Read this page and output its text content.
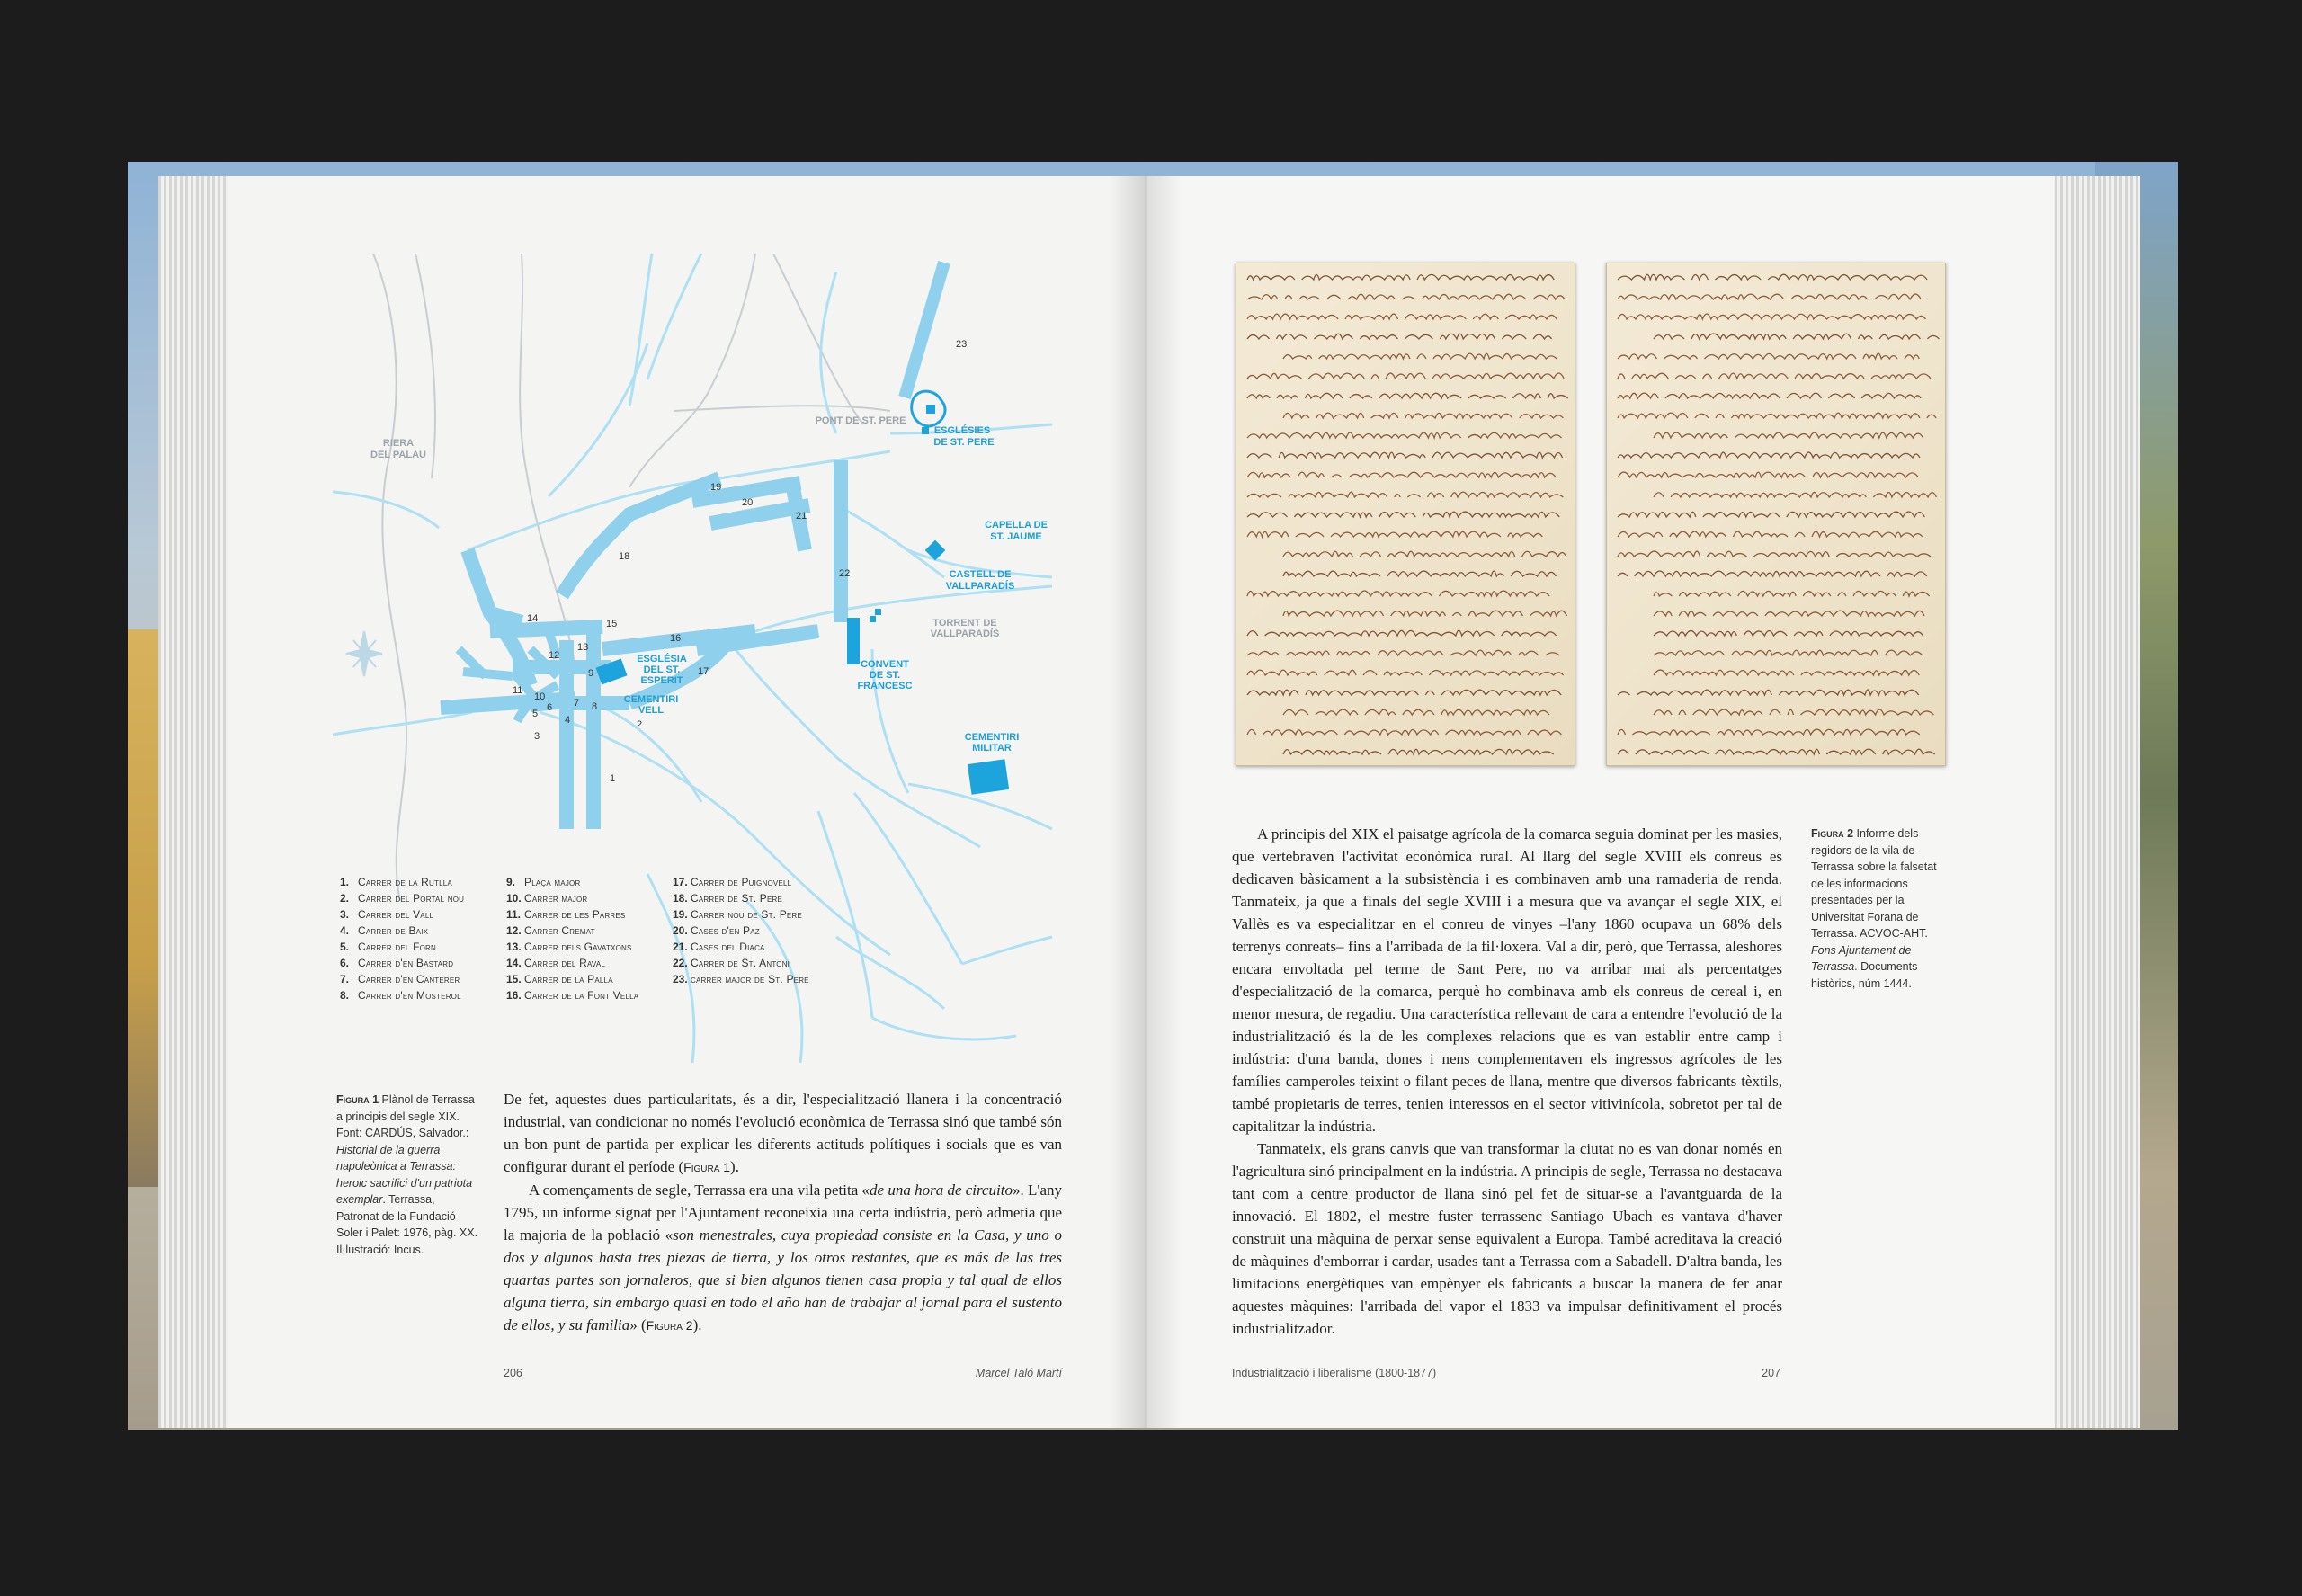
ESGLÉSIES
DE ST. PERE
CAPELLA DE
ST. JAUME
CASTELL DE
VALLPARADÍS
CONVENT
DE ST.
FRANCESC
ESGLÉSIA
DEL ST.
ESPERIT
CEMENTIRI
VELL
CEMENTIRI
MILITAR
RIERA
DEL PALAU
PONT DE ST. PERE
TORRENT DE
VALLPARADÍS
1
2
3
4
5
6 7 8
9
10
11
12
13
14	15
16
17
18
19
20
21
22
23
1. Carrer de la Rutlla
2. Carrer del Portal nou
3. Carrer del Vall
4. Carrer de Baix
5. Carrer del Forn
6. Carrer d'en Bastard
7. Carrer d'en Canterer
8. Carrer d'en Mosterol
9. Plaça major
10. Carrer major
11. Carrer de les Parres
12. Carrer Cremat
13. Carrer dels Gavatxons
14. Carrer del Raval
15. Carrer de la Palla
16. Carrer de la Font Vella
17. Carrer de Puignovell
18. Carrer de St. Pere
19. Carrer nou de St. Pere
20. Cases d'en Paz
21. Cases del Diaca
22. Carrer de St. Antoni
23. carrer major de St. Pere
Figura 1 Plànol de Terrassa a principis del segle XIX. Font: CARDÚS, Salvador.: Historial de la guerra napoleònica a Terrassa: heroic sacrifici d'un patriota exemplar. Terrassa, Patronat de la Fundació Soler i Palet: 1976, pàg. XX. Il·lustració: Incus.

De fet, aquestes dues particularitats, és a dir, l'especialització llanera i la concentració industrial, van condicionar no només l'evolució econòmica de Terrassa sinó que també són un bon punt de partida per explicar les diferents actituds polítiques i socials que es van configurar durant el període (Figura 1).

A començaments de segle, Terrassa era una vila petita «de una hora de circuito». L'any 1795, un informe signat per l'Ajuntament reconeixia una certa indústria, però admetia que la majoria de la població «son menestrales, cuya propiedad consiste en la Casa, y uno o dos y algunos hasta tres piezas de tierra, y los otros restantes, que es más de las tres quartas partes son jornaleros, que si bien algunos tienen casa propia y tal qual de ellos alguna tierra, sin embargo quasi en todo el año han de trabajar al jornal para el sustento de ellos, y su familia» (Figura 2).

206	Marcel Taló Martí
Figura 2 Informe dels regidors de la vila de Terrassa sobre la falsetat de les informacions presentades per la Universitat Forana de Terrassa. ACVOC-AHT. Fons Ajuntament de Terrassa. Documents històrics, núm 1444.

A principis del XIX el paisatge agrícola de la comarca seguia dominat per les masies, que vertebraven l'activitat econòmica rural. Al llarg del segle XVIII els conreus es dedicaven bàsicament a la subsistència i es combinaven amb una ramaderia de renda. Tanmateix, ja que a finals del segle XVIII i a mesura que va avançar el segle XIX, el Vallès es va especialitzar en el conreu de vinyes –l'any 1860 ocupava un 68% dels terrenys conreats– fins a l'arribada de la fil·loxera. Val a dir, però, que Terrassa, aleshores encara envoltada pel terme de Sant Pere, no va arribar mai als percentatges d'especialització de la comarca, perquè ho combinava amb els conreus de cereal i, en menor mesura, de regadiu. Una característica rellevant de cara a entendre l'evolució de la industrialització és la de les complexes relacions que es van establir entre camp i indústria: d'una banda, dones i nens complementaven els ingressos agrícoles de les famílies camperoles teixint o filant peces de llana, mentre que diversos fabricants tèxtils, també propietaris de terres, tenien interessos en el sector vitivinícola, sobretot per tal de capitalitzar la indústria.

Tanmateix, els grans canvis que van transformar la ciutat no es van donar només en l'agricultura sinó principalment en la indústria. A principis de segle, Terrassa no destacava tant com a centre productor de llana sinó pel fet de situar-se a l'avantguarda de la innovació. El 1802, el mestre fuster terrassenc Santiago Ubach es vantava d'haver construït una màquina de perxar sense equivalent a Europa. També acreditava la creació de màquines d'emborrar i cardar, usades tant a Terrassa com a Sabadell. D'altra banda, les limitacions energètiques van empènyer els fabricants a buscar la manera de fer anar aquestes màquines: l'arribada del vapor el 1833 va impulsar definitivament el procés industrialitzador.

Industrialització i liberalisme (1800-1877)	207
